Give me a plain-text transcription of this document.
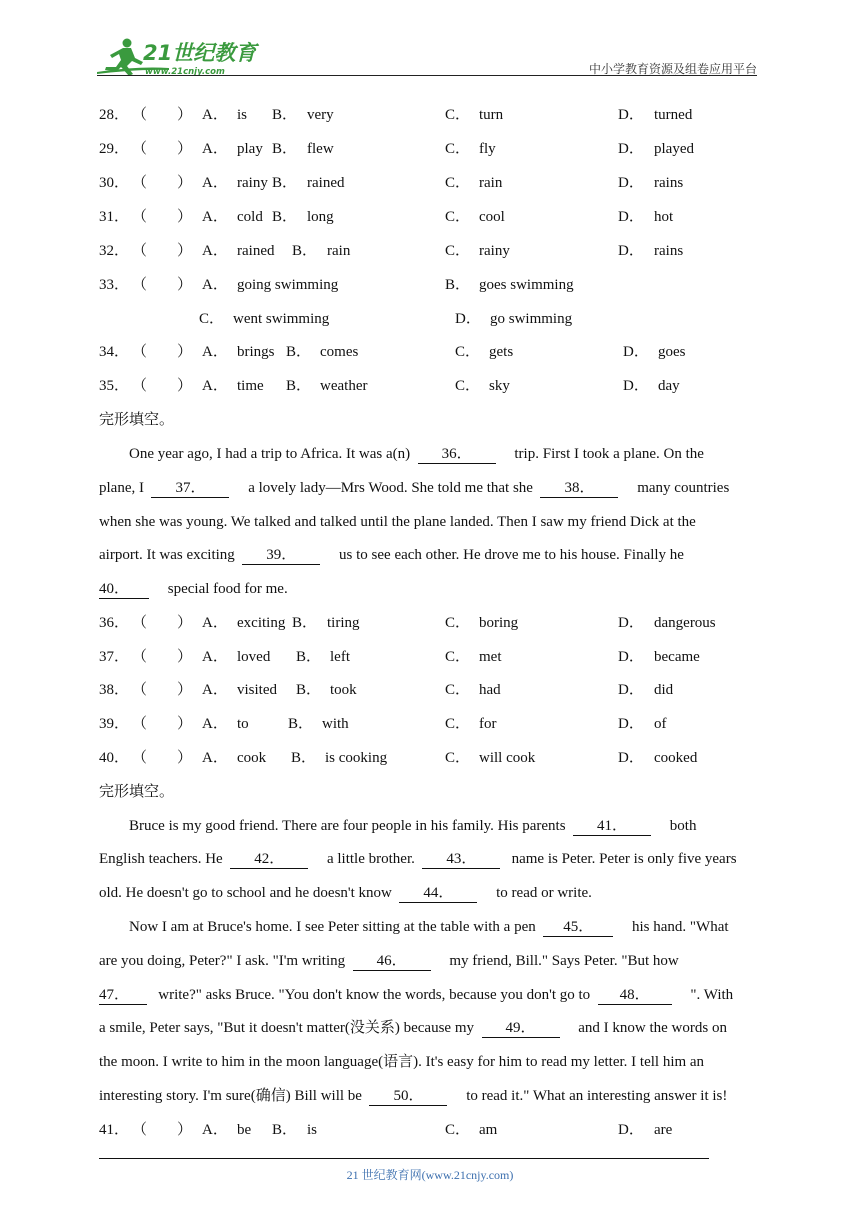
21世纪教育
www.21cnjy.com	中小学教育资源及组卷应用平台
28． （　　） A． is B． very	C． turn	D． turned
29． （　　） A． play B． flew	C． fly	D． played
30． （　　） A． rainy B． rained	C． rain	D． rains
31． （　　） A． cold B． long	C． cool	D． hot
32． （　　） A． rained B． rain	C． rainy	D． rains
33． （　　） A． going swimming	B． goes swimming
C． went swimming	D． go swimming
34． （　　） A． brings B． comes	C． gets	D． goes
35． （　　） A． time B． weather	C． sky	D． day
完形填空。
One year ago, I had a trip to Africa. It was a(n) 36．	trip. First I took a plane. On the
plane, I 37．	a lovely lady—Mrs Wood. She told me that she 38．	many countries
when she was young. We talked and talked until the plane landed. Then I saw my friend Dick at the
airport. It was exciting 39．	us to see each other. He drove me to his house. Finally he
40．	special food for me.
36． （　　） A． exciting B． tiring	C． boring	D． dangerous
37． （　　） A． loved B． left	C． met	D． became
38． （　　） A． visited B． took	C． had	D． did
39． （　　） A． to	B． with	C． for	D． of
40． （　　） A． cook B． is cooking	C． will cook	D． cooked
完形填空。
Bruce is my good friend. There are four people in his family. His parents 41．	both
English teachers. He 42．	a little brother. 43． name is Peter. Peter is only five years
old. He doesn't go to school and he doesn't know 44．	to read or write.
Now I am at Bruce's home. I see Peter sitting at the table with a pen 45．	his hand. "What
are you doing, Peter?" I ask. "I'm writing 46．	my friend, Bill." Says Peter. "But how
47． write?" asks Bruce. "You don't know the words, because you don't go to 48．	". With
a smile, Peter says, "But it doesn't matter(没关系) because my 49．	and I know the words on
the moon. I write to him in the moon language(语言). It's easy for him to read my letter. I tell him an
interesting story. I'm sure(确信) Bill will be 50．	to read it." What an interesting answer it is!
41． （　　） A． be B． is	C． am	D． are
21 世纪教育网(www.21cnjy.com)
